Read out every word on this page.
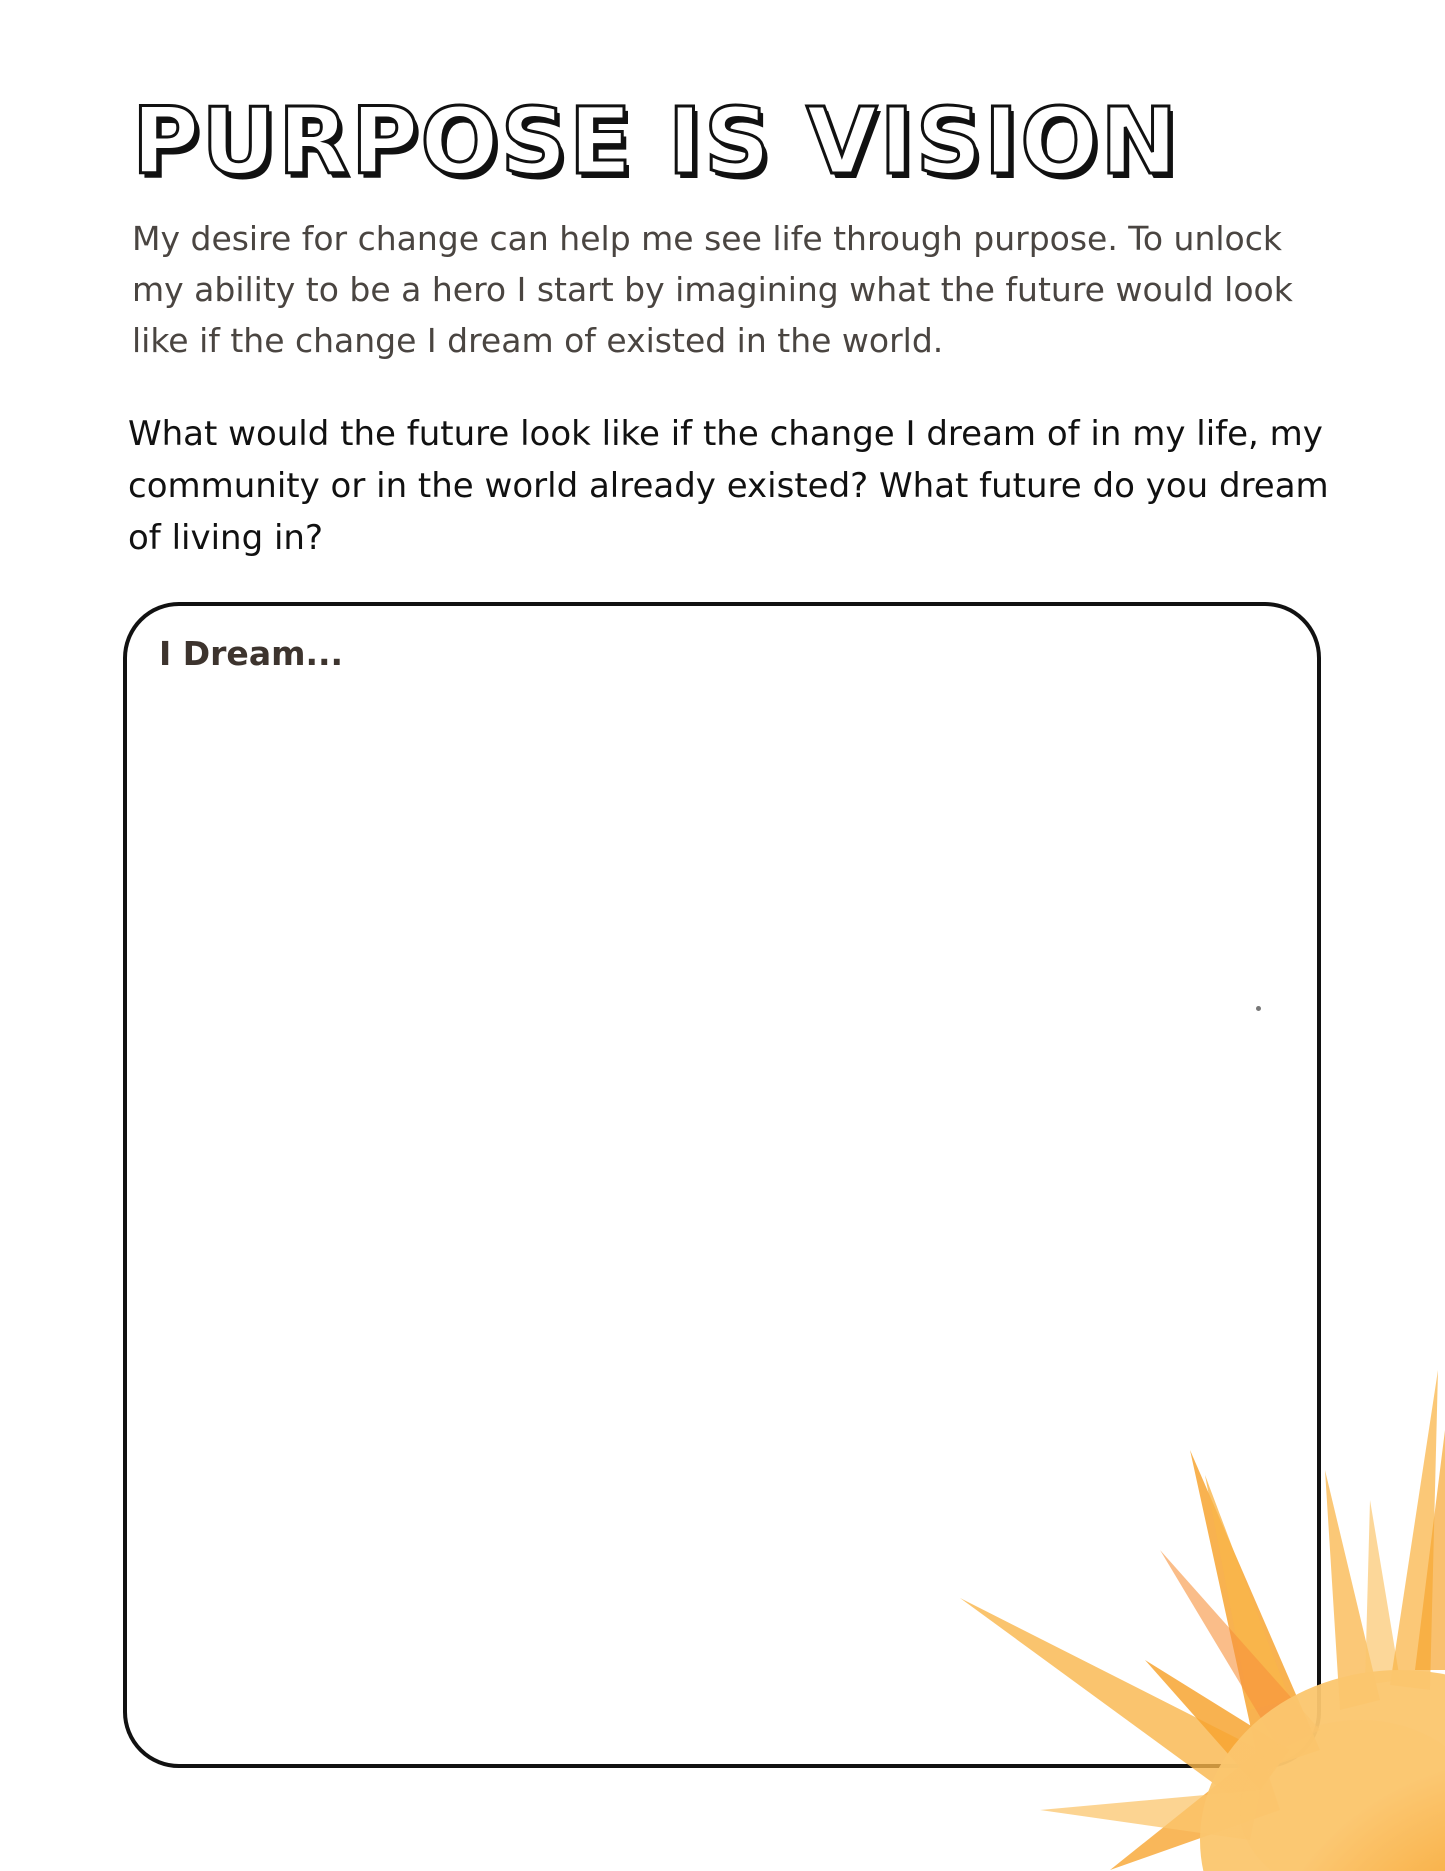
PURPOSE IS VISION

My desire for change can help me see life through purpose. To unlock my ability to be a hero I start by imagining what the future would look like if the change I dream of existed in the world.

What would the future look like if the change I dream of in my life, my community or in the world already existed? What future do you dream of living in?

I Dream...
